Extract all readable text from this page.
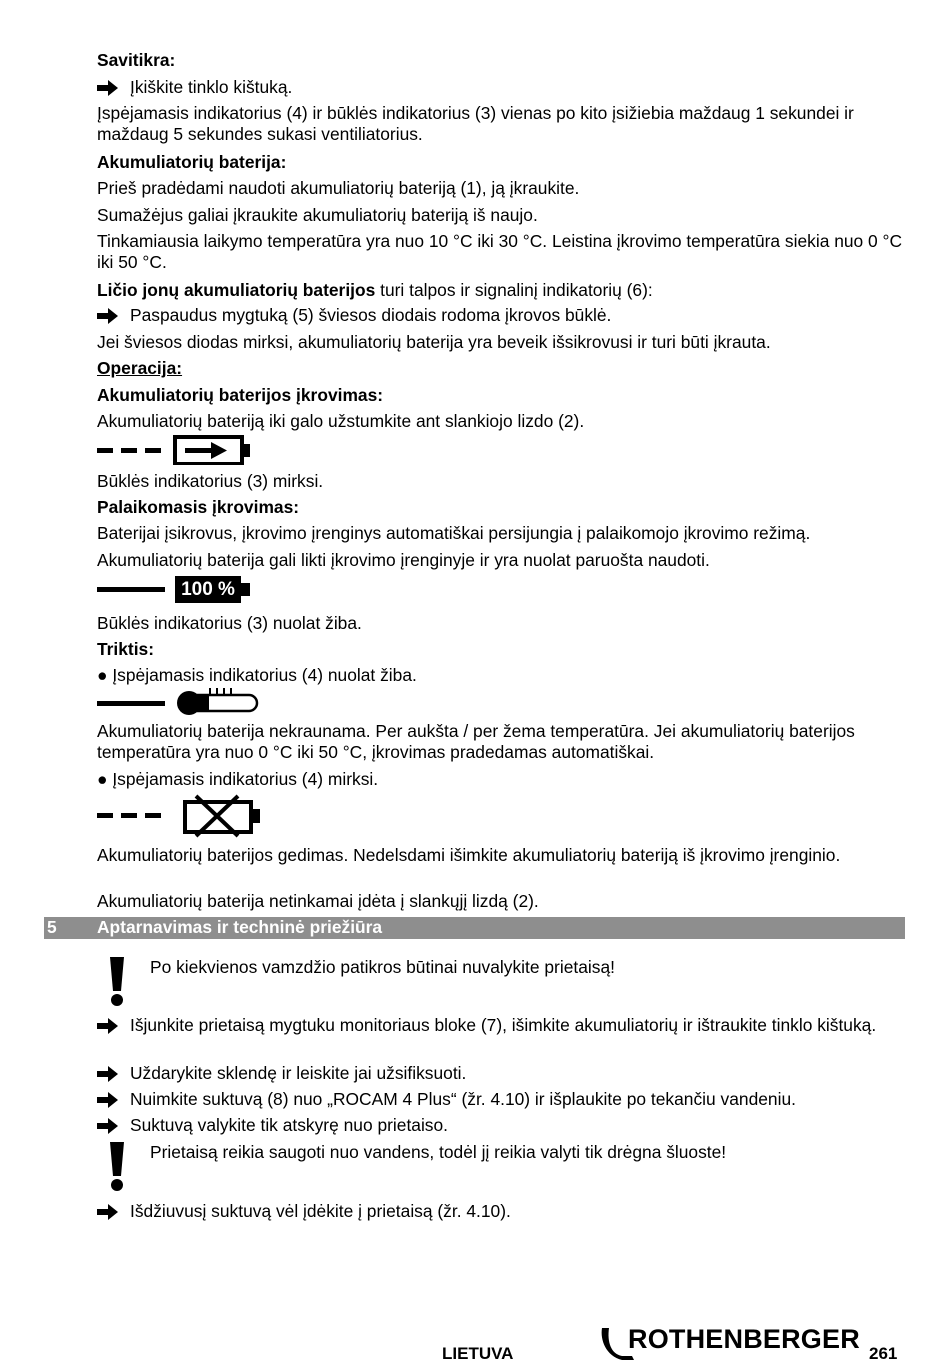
Savitikra:

Įkiškite tinklo kištuką.

Įspėjamasis indikatorius (4) ir būklės indikatorius (3) vienas po kito įsižiebia maždaug 1 sekundei ir maždaug 5 sekundes sukasi ventiliatorius.

Akumuliatorių baterija:

Prieš pradėdami naudoti akumuliatorių bateriją (1), ją įkraukite.

Sumažėjus galiai įkraukite akumuliatorių bateriją iš naujo.

Tinkamiausia laikymo temperatūra yra nuo 10 °C iki 30 °C. Leistina įkrovimo temperatūra siekia nuo 0 °C iki 50 °C.

Ličio jonų akumuliatorių baterijos turi talpos ir signalinį indikatorių (6):

Paspaudus mygtuką (5) šviesos diodais rodoma įkrovos būklė.

Jei šviesos diodas mirksi, akumuliatorių baterija yra beveik išsikrovusi ir turi būti įkrauta.

Operacija:

Akumuliatorių baterijos įkrovimas:

Akumuliatorių bateriją iki galo užstumkite ant slankiojo lizdo (2).

Būklės indikatorius (3) mirksi.

Palaikomasis įkrovimas:

Baterijai įsikrovus, įkrovimo įrenginys automatiškai persijungia į palaikomojo įkrovimo režimą.

Akumuliatorių baterija gali likti įkrovimo įrenginyje ir yra nuolat paruošta naudoti.

100 %

Būklės indikatorius (3) nuolat žiba.

Triktis:

● Įspėjamasis indikatorius (4) nuolat žiba.

Akumuliatorių baterija nekraunama. Per aukšta / per žema temperatūra. Jei akumuliatorių baterijos temperatūra yra nuo 0 °C iki 50 °C, įkrovimas pradedamas automatiškai.

● Įspėjamasis indikatorius (4) mirksi.

Akumuliatorių baterijos gedimas. Nedelsdami išimkite akumuliatorių bateriją iš įkrovimo įrenginio.

Akumuliatorių baterija netinkamai įdėta į slankųjį lizdą (2).

5 Aptarnavimas ir techninė priežiūra

Po kiekvienos vamzdžio patikros būtinai nuvalykite prietaisą!

Išjunkite prietaisą mygtuku monitoriaus bloke (7), išimkite akumuliatorių ir ištraukite tinklo kištuką.
Uždarykite sklendę ir leiskite jai užsifiksuoti.
Nuimkite suktuvą (8) nuo „ROCAM 4 Plus“ (žr. 4.10) ir išplaukite po tekančiu vandeniu.
Suktuvą valykite tik atskyrę nuo prietaiso.

Prietaisą reikia saugoti nuo vandens, todėl jį reikia valyti tik drėgna šluoste!

Išdžiuvusį suktuvą vėl įdėkite į prietaisą (žr. 4.10).
LIETUVA	ROTHENBERGER 261
